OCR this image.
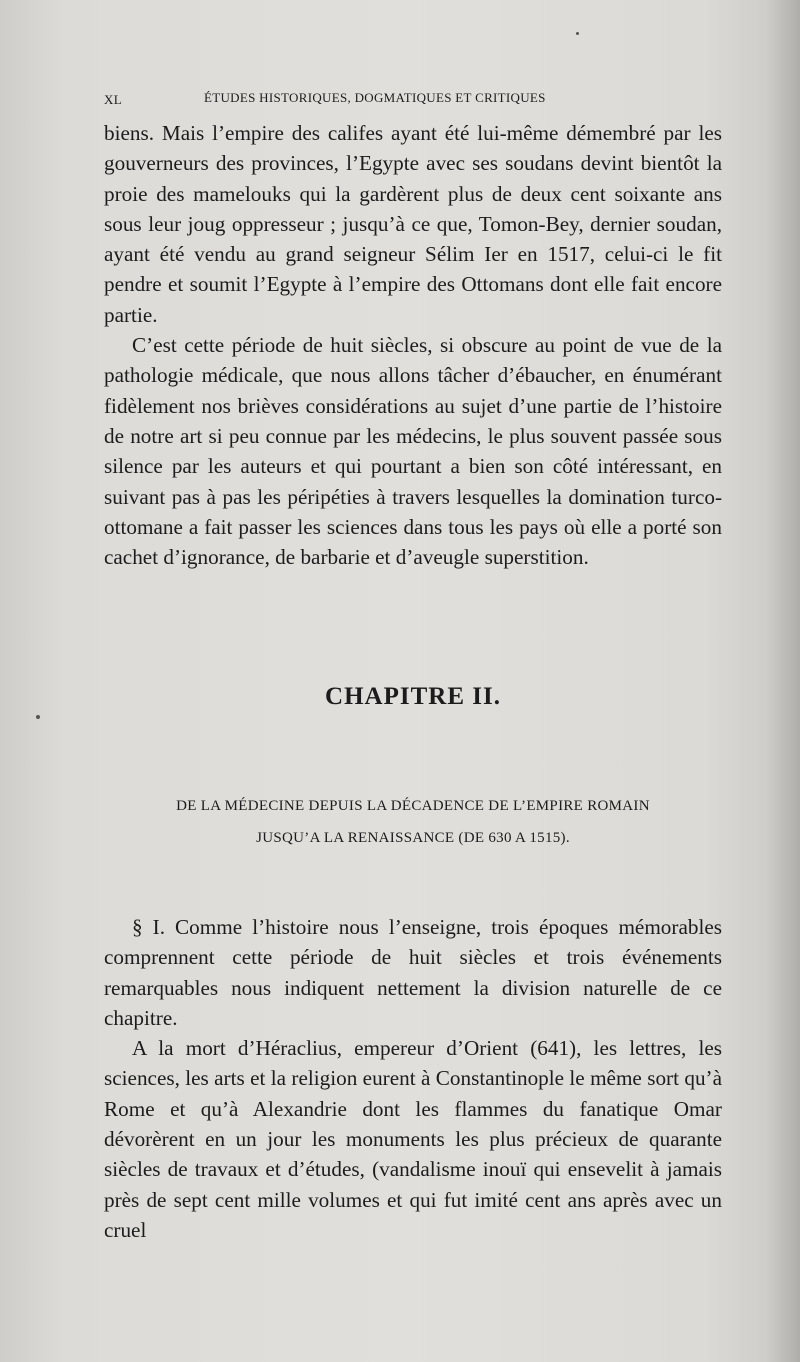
XL	ÉTUDES HISTORIQUES, DOGMATIQUES ET CRITIQUES

biens. Mais l’empire des califes ayant été lui-même démembré par les gouverneurs des provinces, l’Egypte avec ses soudans devint bientôt la proie des mamelouks qui la gardèrent plus de deux cent soixante ans sous leur joug oppresseur ; jusqu’à ce que, Tomon-Bey, dernier soudan, ayant été vendu au grand seigneur Sélim Ier en 1517, celui-ci le fit pendre et soumit l’Egypte à l’empire des Ottomans dont elle fait encore partie.

C’est cette période de huit siècles, si obscure au point de vue de la pathologie médicale, que nous allons tâcher d’ébaucher, en énumérant fidèlement nos brièves considérations au sujet d’une partie de l’histoire de notre art si peu connue par les médecins, le plus souvent passée sous silence par les auteurs et qui pourtant a bien son côté intéressant, en suivant pas à pas les péripéties à travers lesquelles la domination turco-ottomane a fait passer les sciences dans tous les pays où elle a porté son cachet d’ignorance, de barbarie et d’aveugle superstition.

CHAPITRE II.
DE LA MÉDECINE DEPUIS LA DÉCADENCE DE L’EMPIRE ROMAIN
JUSQU’A LA RENAISSANCE (DE 630 A 1515).

§ I. Comme l’histoire nous l’enseigne, trois époques mémorables comprennent cette période de huit siècles et trois événements remarquables nous indiquent nettement la division naturelle de ce chapitre.

A la mort d’Héraclius, empereur d’Orient (641), les lettres, les sciences, les arts et la religion eurent à Constantinople le même sort qu’à Rome et qu’à Alexandrie dont les flammes du fanatique Omar dévorèrent en un jour les monuments les plus précieux de quarante siècles de travaux et d’études, (vandalisme inouï qui ensevelit à jamais près de sept cent mille volumes et qui fut imité cent ans après avec un cruel
